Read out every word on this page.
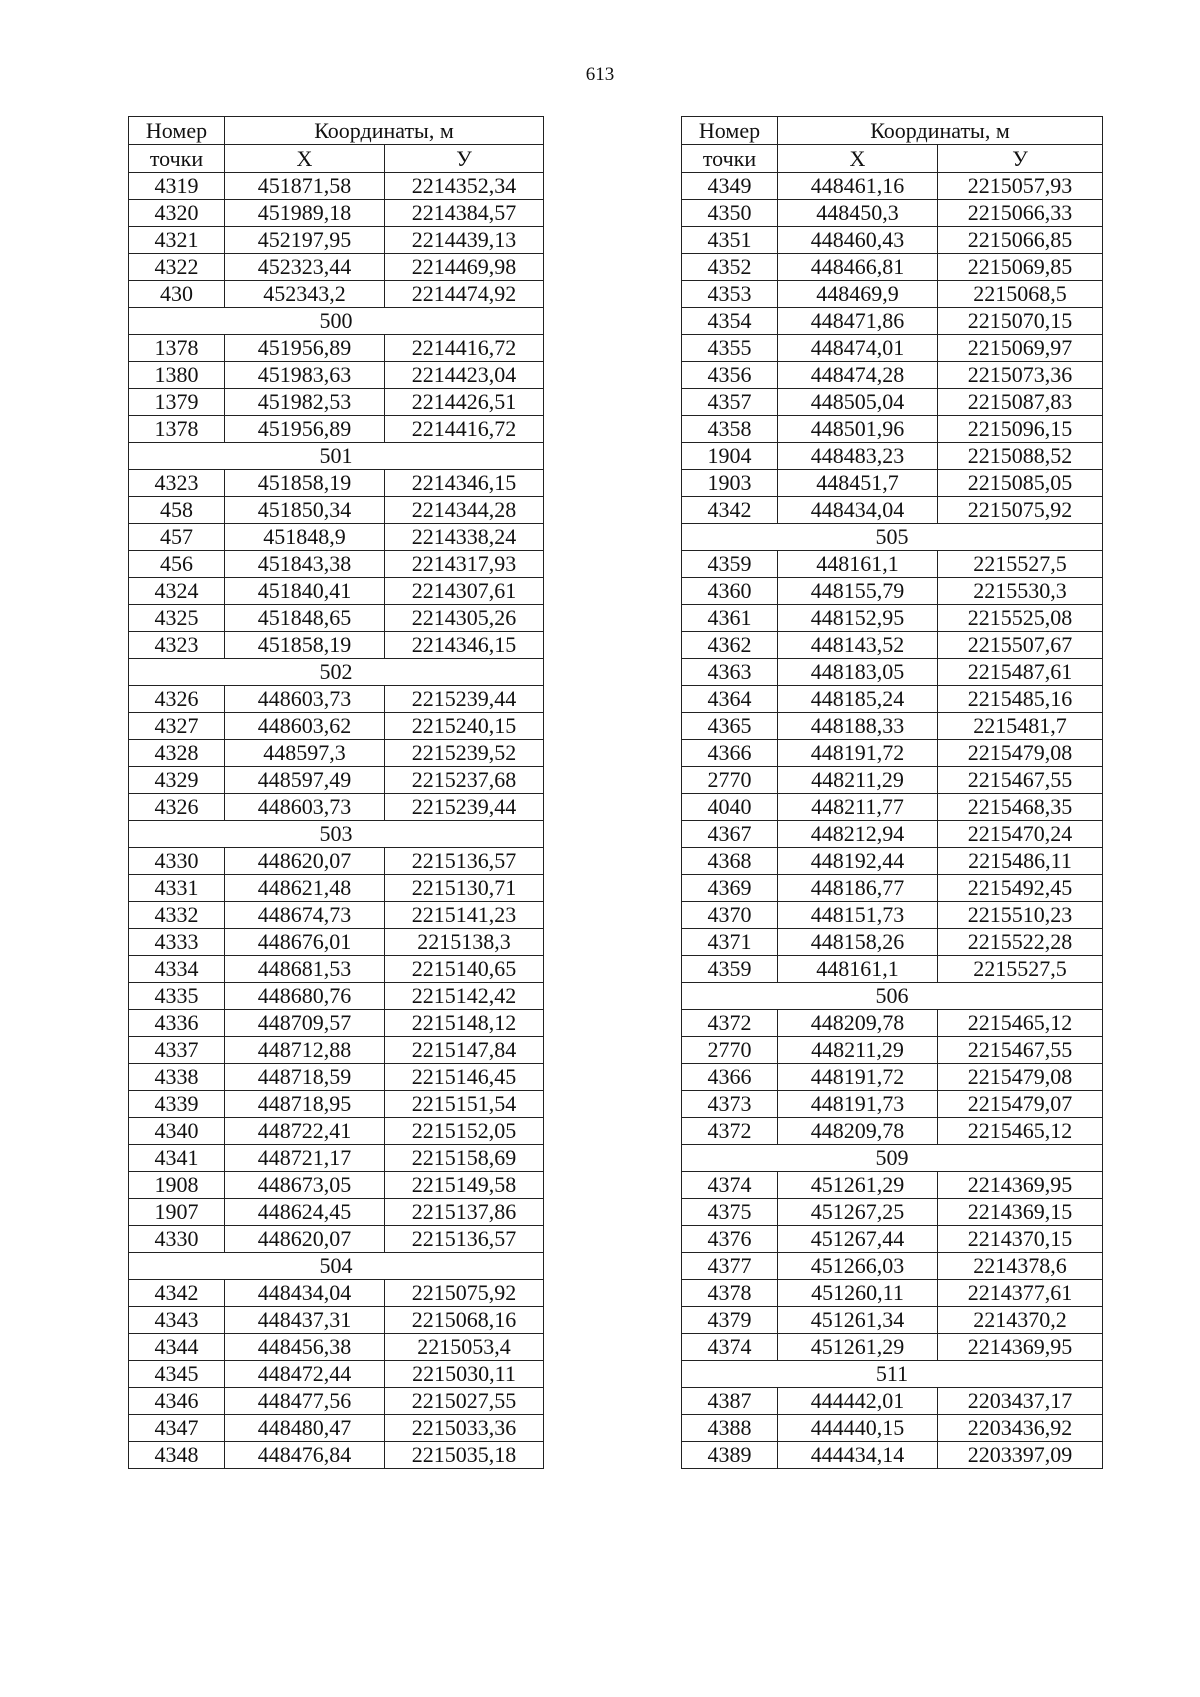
613
Номер	Координаты, м	
точки	X	У
4319	451871,58	2214352,34
4320	451989,18	2214384,57
4321	452197,95	2214439,13
4322	452323,44	2214469,98
430	452343,2	2214474,92
500		
1378	451956,89	2214416,72
1380	451983,63	2214423,04
1379	451982,53	2214426,51
1378	451956,89	2214416,72
501		
4323	451858,19	2214346,15
458	451850,34	2214344,28
457	451848,9	2214338,24
456	451843,38	2214317,93
4324	451840,41	2214307,61
4325	451848,65	2214305,26
4323	451858,19	2214346,15
502		
4326	448603,73	2215239,44
4327	448603,62	2215240,15
4328	448597,3	2215239,52
4329	448597,49	2215237,68
4326	448603,73	2215239,44
503		
4330	448620,07	2215136,57
4331	448621,48	2215130,71
4332	448674,73	2215141,23
4333	448676,01	2215138,3
4334	448681,53	2215140,65
4335	448680,76	2215142,42
4336	448709,57	2215148,12
4337	448712,88	2215147,84
4338	448718,59	2215146,45
4339	448718,95	2215151,54
4340	448722,41	2215152,05
4341	448721,17	2215158,69
1908	448673,05	2215149,58
1907	448624,45	2215137,86
4330	448620,07	2215136,57
504		
4342	448434,04	2215075,92
4343	448437,31	2215068,16
4344	448456,38	2215053,4
4345	448472,44	2215030,11
4346	448477,56	2215027,55
4347	448480,47	2215033,36
4348	448476,84	2215035,18
Номер	Координаты, м	
точки	X	У
4349	448461,16	2215057,93
4350	448450,3	2215066,33
4351	448460,43	2215066,85
4352	448466,81	2215069,85
4353	448469,9	2215068,5
4354	448471,86	2215070,15
4355	448474,01	2215069,97
4356	448474,28	2215073,36
4357	448505,04	2215087,83
4358	448501,96	2215096,15
1904	448483,23	2215088,52
1903	448451,7	2215085,05
4342	448434,04	2215075,92
505		
4359	448161,1	2215527,5
4360	448155,79	2215530,3
4361	448152,95	2215525,08
4362	448143,52	2215507,67
4363	448183,05	2215487,61
4364	448185,24	2215485,16
4365	448188,33	2215481,7
4366	448191,72	2215479,08
2770	448211,29	2215467,55
4040	448211,77	2215468,35
4367	448212,94	2215470,24
4368	448192,44	2215486,11
4369	448186,77	2215492,45
4370	448151,73	2215510,23
4371	448158,26	2215522,28
4359	448161,1	2215527,5
506		
4372	448209,78	2215465,12
2770	448211,29	2215467,55
4366	448191,72	2215479,08
4373	448191,73	2215479,07
4372	448209,78	2215465,12
509		
4374	451261,29	2214369,95
4375	451267,25	2214369,15
4376	451267,44	2214370,15
4377	451266,03	2214378,6
4378	451260,11	2214377,61
4379	451261,34	2214370,2
4374	451261,29	2214369,95
511		
4387	444442,01	2203437,17
4388	444440,15	2203436,92
4389	444434,14	2203397,09
